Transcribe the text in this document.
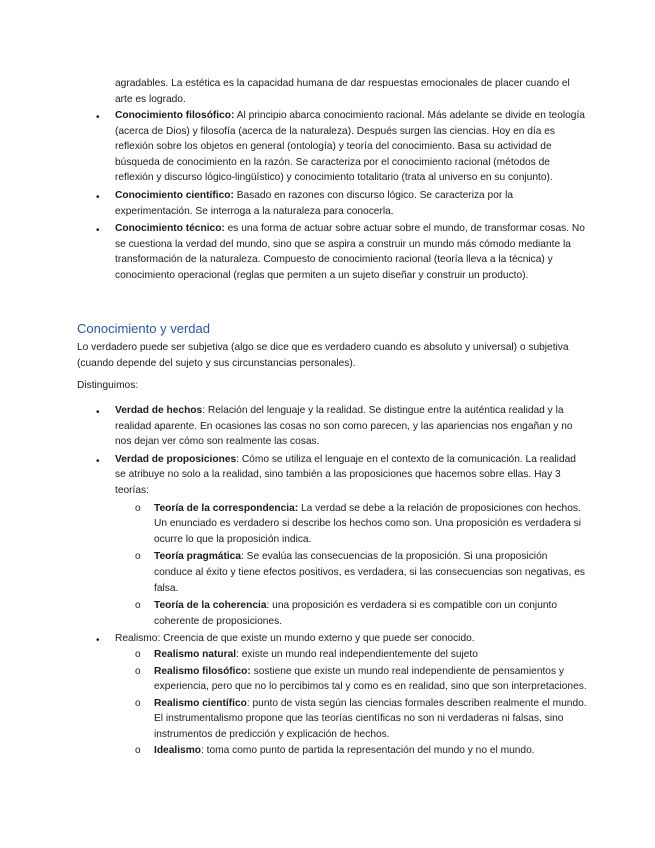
agradables. La estética es la capacidad humana de dar respuestas emocionales de placer cuando el arte es logrado.

• Conocimiento filosófico: Al principio abarca conocimiento racional. Más adelante se divide en teología (acerca de Dios) y filosofía (acerca de la naturaleza). Después surgen las ciencias. Hoy en día es reflexión sobre los objetos en general (ontología) y teoría del conocimiento. Basa su actividad de búsqueda de conocimiento en la razón. Se caracteriza por el conocimiento racional (métodos de reflexión y discurso lógico-lingüístico) y conocimiento totalitario (trata al universo en su conjunto).

• Conocimiento científico: Basado en razones con discurso lógico. Se caracteriza por la experimentación. Se interroga a la naturaleza para conocerla.

• Conocimiento técnico: es una forma de actuar sobre actuar sobre el mundo, de transformar cosas. No se cuestiona la verdad del mundo, sino que se aspira a construir un mundo más cómodo mediante la transformación de la naturaleza. Compuesto de conocimiento racional (teoría lleva a la técnica) y conocimiento operacional (reglas que permiten a un sujeto diseñar y construir un producto).

Conocimiento y verdad

Lo verdadero puede ser subjetiva (algo se dice que es verdadero cuando es absoluto y universal) o subjetiva (cuando depende del sujeto y sus circunstancias personales).

Distinguimos:

• Verdad de hechos: Relación del lenguaje y la realidad. Se distingue entre la auténtica realidad y la realidad aparente. En ocasiones las cosas no son como parecen, y las apariencias nos engañan y no nos dejan ver cómo son realmente las cosas.

• Verdad de proposiciones: Cómo se utiliza el lenguaje en el contexto de la comunicación. La realidad se atribuye no solo a la realidad, sino también a las proposiciones que hacemos sobre ellas. Hay 3 teorías:

o Teoría de la correspondencia: La verdad se debe a la relación de proposiciones con hechos. Un enunciado es verdadero si describe los hechos como son. Una proposición es verdadera si ocurre lo que la proposición indica.

o Teoría pragmática: Se evalúa las consecuencias de la proposición. Si una proposición conduce al éxito y tiene efectos positivos, es verdadera, si las consecuencias son negativas, es falsa.

o Teoría de la coherencia: una proposición es verdadera si es compatible con un conjunto coherente de proposiciones.

• Realismo: Creencia de que existe un mundo externo y que puede ser conocido.

o Realismo natural: existe un mundo real independientemente del sujeto

o Realismo filosófico: sostiene que existe un mundo real independiente de pensamientos y experiencia, pero que no lo percibimos tal y como es en realidad, sino que son interpretaciones.

o Realismo científico: punto de vista según las ciencias formales describen realmente el mundo. El instrumentalismo propone que las teorías científicas no son ni verdaderas ni falsas, sino instrumentos de predicción y explicación de hechos.

o Idealismo: toma como punto de partida la representación del mundo y no el mundo.
